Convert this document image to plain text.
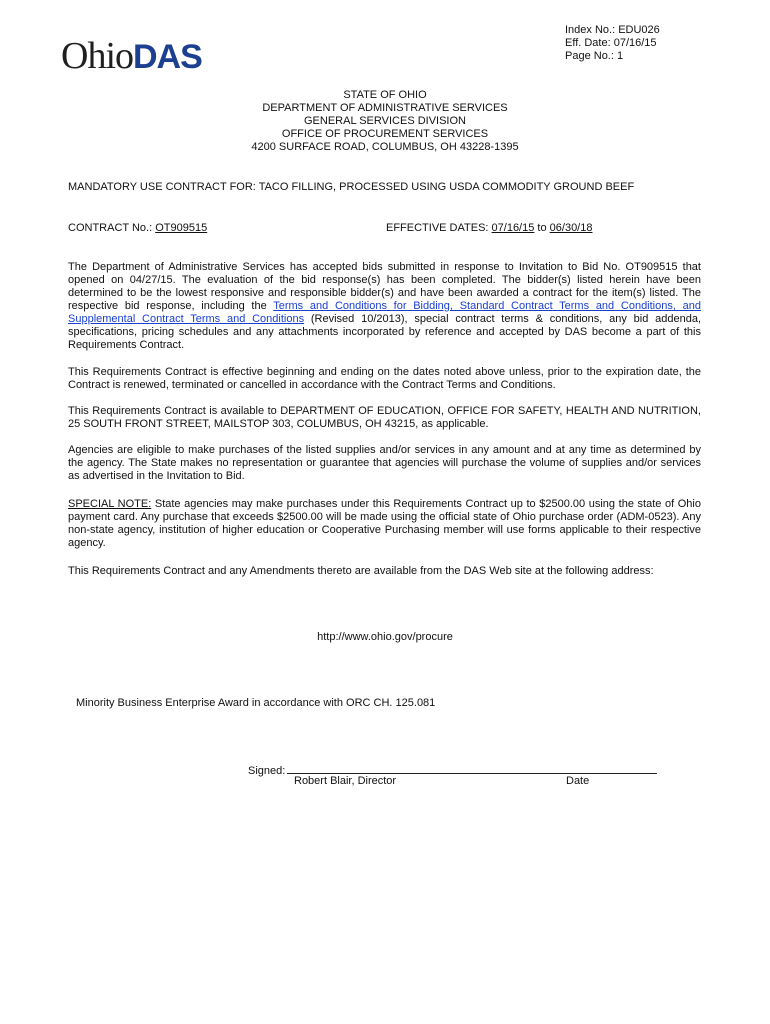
OhioDAS
Index No.: EDU026
Eff. Date: 07/16/15
Page No.: 1
STATE OF OHIO
DEPARTMENT OF ADMINISTRATIVE SERVICES
GENERAL SERVICES DIVISION
OFFICE OF PROCUREMENT SERVICES
4200 SURFACE ROAD, COLUMBUS, OH 43228-1395
MANDATORY USE CONTRACT FOR: TACO FILLING, PROCESSED USING USDA COMMODITY GROUND BEEF
CONTRACT No.: OT909515	EFFECTIVE DATES: 07/16/15 to 06/30/18
The Department of Administrative Services has accepted bids submitted in response to Invitation to Bid No. OT909515 that opened on 04/27/15. The evaluation of the bid response(s) has been completed. The bidder(s) listed herein have been determined to be the lowest responsive and responsible bidder(s) and have been awarded a contract for the item(s) listed. The respective bid response, including the Terms and Conditions for Bidding, Standard Contract Terms and Conditions, and Supplemental Contract Terms and Conditions (Revised 10/2013), special contract terms & conditions, any bid addenda, specifications, pricing schedules and any attachments incorporated by reference and accepted by DAS become a part of this Requirements Contract.
This Requirements Contract is effective beginning and ending on the dates noted above unless, prior to the expiration date, the Contract is renewed, terminated or cancelled in accordance with the Contract Terms and Conditions.
This Requirements Contract is available to DEPARTMENT OF EDUCATION, OFFICE FOR SAFETY, HEALTH AND NUTRITION, 25 SOUTH FRONT STREET, MAILSTOP 303, COLUMBUS, OH 43215, as applicable.
Agencies are eligible to make purchases of the listed supplies and/or services in any amount and at any time as determined by the agency. The State makes no representation or guarantee that agencies will purchase the volume of supplies and/or services as advertised in the Invitation to Bid.
SPECIAL NOTE: State agencies may make purchases under this Requirements Contract up to $2500.00 using the state of Ohio payment card. Any purchase that exceeds $2500.00 will be made using the official state of Ohio purchase order (ADM-0523). Any non-state agency, institution of higher education or Cooperative Purchasing member will use forms applicable to their respective agency.
This Requirements Contract and any Amendments thereto are available from the DAS Web site at the following address:
http://www.ohio.gov/procure
Minority Business Enterprise Award in accordance with ORC CH. 125.081
Signed:
Robert Blair, Director	Date
